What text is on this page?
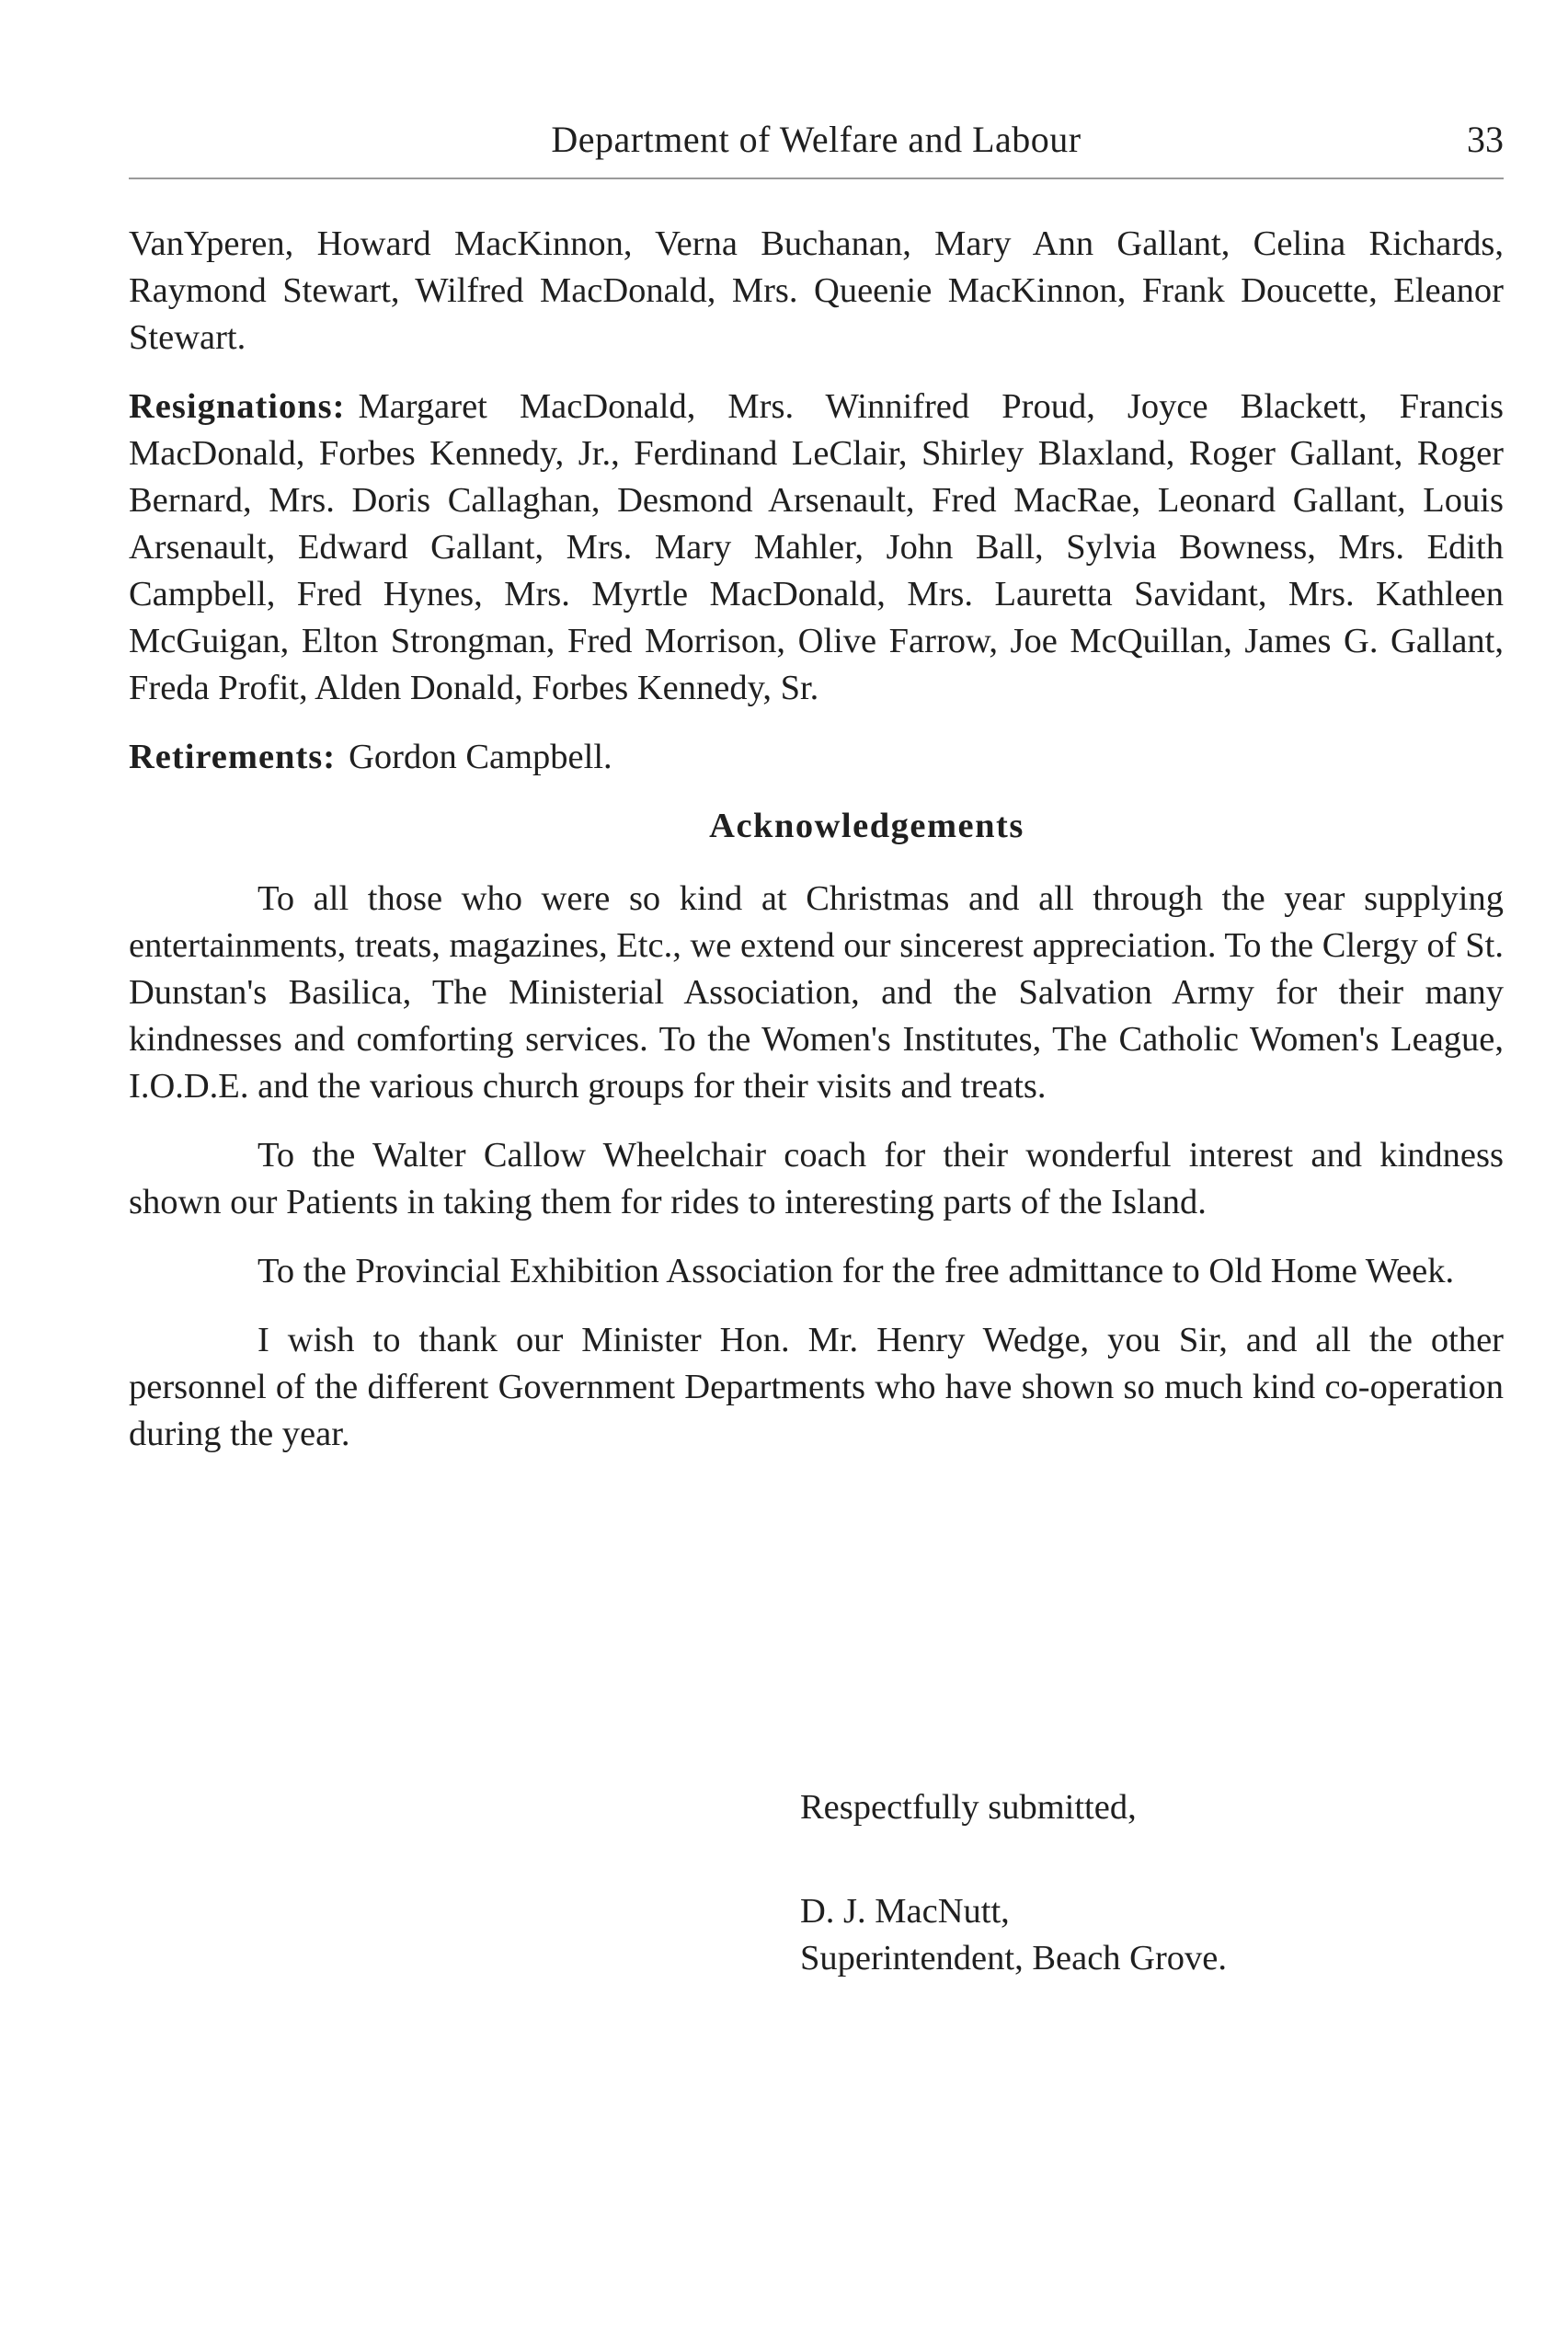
Department of Welfare and Labour	33

VanYperen, Howard MacKinnon, Verna Buchanan, Mary Ann Gallant, Celina Richards, Raymond Stewart, Wilfred MacDonald, Mrs. Queenie MacKinnon, Frank Doucette, Eleanor Stewart.

Resignations: Margaret MacDonald, Mrs. Winnifred Proud, Joyce Blackett, Francis MacDonald, Forbes Kennedy, Jr., Ferdinand LeClair, Shirley Blaxland, Roger Gallant, Roger Bernard, Mrs. Doris Callaghan, Desmond Arsenault, Fred MacRae, Leonard Gallant, Louis Arsenault, Edward Gallant, Mrs. Mary Mahler, John Ball, Sylvia Bowness, Mrs. Edith Campbell, Fred Hynes, Mrs. Myrtle MacDonald, Mrs. Lauretta Savidant, Mrs. Kathleen McGuigan, Elton Strongman, Fred Morrison, Olive Farrow, Joe McQuillan, James G. Gallant, Freda Profit, Alden Donald, Forbes Kennedy, Sr.

Retirements: Gordon Campbell.

Acknowledgements

To all those who were so kind at Christmas and all through the year supplying entertainments, treats, magazines, Etc., we extend our sincerest appreciation. To the Clergy of St. Dunstan's Basilica, The Ministerial Association, and the Salvation Army for their many kindnesses and comforting services. To the Women's Institutes, The Catholic Women's League, I.O.D.E. and the various church groups for their visits and treats.

To the Walter Callow Wheelchair coach for their wonderful interest and kindness shown our Patients in taking them for rides to interesting parts of the Island.

To the Provincial Exhibition Association for the free admittance to Old Home Week.

I wish to thank our Minister Hon. Mr. Henry Wedge, you Sir, and all the other personnel of the different Government Departments who have shown so much kind co-operation during the year.

Respectfully submitted,
D. J. MacNutt,
Superintendent, Beach Grove.
